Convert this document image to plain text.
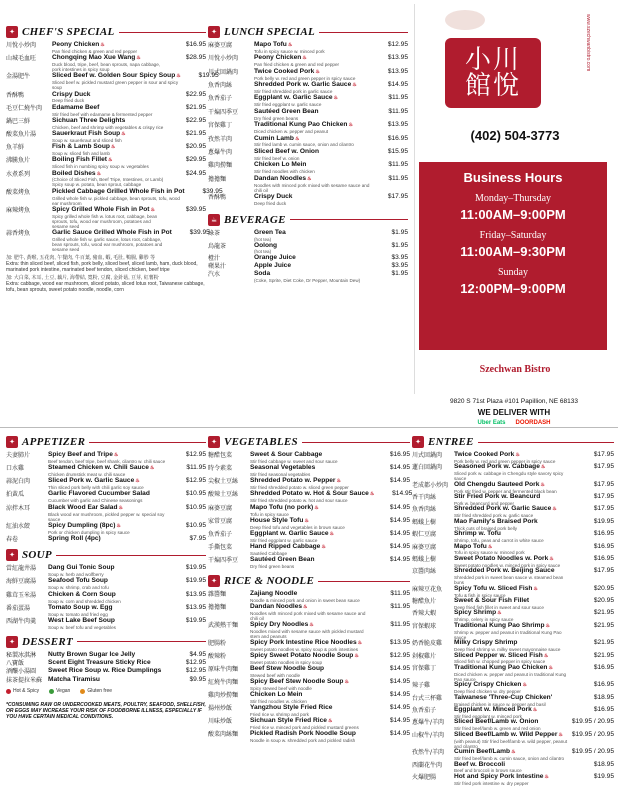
✦ CHEF'S SPECIAL
川悅小炒肉	Peony Chicken♨
Pan fried chicken & green and red pepper
$16.95
山城毛血旺	Chongqing Mao Xue Wang♨
Duck blood, tripe, beef, bean sprouts, napa cabbage, pork intestines in spicy soup
$28.95
金湯肥牛	Sliced Beef w. Golden Sour Spicy Soup♨
Sliced beef w. pickled mustard green pepper in sour and spicy soup
$19.95
香酥鴨	Crispy Duck
Deep fried duck
$22.95
毛豆仁燒牛肉	Edamame Beef
Stir fried beef with edamame & fermented pepper
$21.95
鍋巴三鮮	Sichuan Three Delights
Chicken, beef and shrimp with vegetables & crispy rice
$22.95
酸菜魚片湯	Sauerkraut Fish Soup♨
Soup w. sauerkraut and sliced fish
$21.95
魚羊鮮	Fish & Lamb Soup♨
Soup w. sliced fish and lamb
$20.95
沸騰魚片	Boiling Fish Fillet♨
Sliced fish in numbing spicy soup w. vegetables
$29.95
水煮系列	Boiled Dishes♨
(Choice of Sliced Fish, Beef Tripe, Intestines, or Lamb) Spicy soup w. potato, bean sprout, cabbage
$24.95
酸菜烤魚	Pickled Cabbage Grilled Whole Fish in Pot
Grilled whole fish w. pickled cabbage, bean sprouts, tofu, wood ear mushroom
$39.95
麻辣烤魚	Spicy Grilled Whole Fish in Pot♨
Spicy grilled whole fish w. lotus root, cabbage, bean sprouts, tofu, wood ear mushroom, potatoes and sesame seed
$39.95
蒜香烤魚	Garlic Sauce Grilled Whole Fish in Pot
Grilled whole fish w. garlic sauce, lotus root, cabbage, bean sprouts, tofu, wood ear mushroom, potatoes and sesame seed
$39.95
加: 肥牛, 黃喉, 五花肉, 午餐肉, 牛百葉, 豬血, 蝦, 毛肚, 鴨腸, 雞胗 等
Extra: thin sliced beef, sliced fish, pork belly, sliced beef, sliced lamb, ham, duck blood, marinated pork intestine, marinated beef tendon, sliced chicken, beef tripe
加: 大白菜, 木耳, 土豆, 藕片, 海帶結, 寬粉, 豆腐, 金針菇, 豆芽, 紅薯粉
Extra: cabbage, wood ear mushroom, sliced potato, sliced lotus root, Taiwanese cabbage, tofu, bean sprouts, sweet potato noodle, noodle, corn
✦ LUNCH SPECIAL
麻婆豆腐	Mapo Tofu♨
Tofu in spicy sauce w. minced pork
$12.95
川悅小炒肉	Peony Chicken♨
Pan fried chicken & green and red pepper
$13.95
川式回鍋肉	Twice Cooked Pork♨
Pork belly w. red and green pepper in spicy sauce
$13.95
魚香肉絲	Shredded Pork w. Garlic Sauce♨
Stir fried shredded pork in garlic sauce
$14.95
魚香茄子	Eggplant w. Garlic Sauce♨
Stir fried eggplant w. garlic sauce
$11.95
干煸四季豆	Sautéed Green Bean
Dry fried green beans
$11.95
宮保雞丁	Traditional Kung Pao Chicken♨
Diced chicken w. pepper and peanut
$13.95
孜然羊肉	Cumin Lamb♨
Stir fried lamb w. cumin sauce, onion and cilantro
$16.95
蔥爆牛肉	Sliced Beef w. Onion
Stir fried beef w. onion
$15.95
雞肉撈麵	Chicken Lo Mein
Stir fried noodles with chicken
$11.95
擔擔麵	Dandan Noodles♨
Noodles with minced pork mixed with sesame sauce and chili oil
$11.95
香酥鴨	Crispy Duck
Deep fried duck
$17.95
☕ BEVERAGE
綠茶	Green Tea
(hot tea)
$1.95
烏龍茶	Oolong
(hot tea)
$1.95
橙汁	Orange Juice	$3.95
蘋果汁	Apple Juice	$3.95
汽水	Soda
(Coke, Sprite, Diet Coke, Dr Pepper, Mountain Dew)
$1.95
小川館悅
(402) 504-3773
www.szechwanbistro.com
Business Hours
Monday–Thursday
11:00AM–9:00PM
Friday–Saturday
11:00AM–9:30PM
Sunday
12:00PM–9:00PM
Szechwan Bistro
9820 S 71st Plaza #101 Papillion, NE 68133
WE DELIVER WITH
Uber Eats DOORDASH
✦ APPETIZER
夫妻肺片	Spicy Beef and Tripe♨
Beef tendon, beef tripe, beef shank, cilantro w. chili sauce
$12.95
口水雞	Steamed Chicken w. Chili Sauce♨
Chicken drumstick meat w. chili sauce
$11.95
蒜泥白肉	Sliced Pork w. Garlic Sauce♨
Thin sliced pork belly with chili garlic soy sauce
$12.95
拍黃瓜	Garlic Flavored Cucumber Salad
Cucumber with garlic and Chinese seasonings
$10.95
涼拌木耳	Black Wood Ear Salad♨
Black wood ear mushroom, pickled pepper w. special soy sauce
$10.95
紅油水餃	Spicy Dumpling (8pc)♨
Pork or chicken dumpling in spicy sauce
$10.95
春卷	Spring Roll (4pc)	$7.95
✦ SOUP
當紅龍井湯	Dang Gui Tonic Soup
Soup w. herb and wolfberry
$19.95
海鮮豆腐湯	Seafood Tofu Soup
Soup w. shrimp, crab and tofu
$19.95
雞茸玉米湯	Chicken & Corn Soup
Soup w. corn and shredded chicken
$13.95
番茄蛋湯	Tomato Soup w. Egg
Soup w. tomato and fried egg
$13.95
西湖牛肉羹	West Lake Beef Soup
Soup w. beef tofu and vegetables
$19.95
✦ DESSERT
秘製冰淇淋	Nutty Brown Sugar Ice Jelly	$4.95
八寶飯	Scent Eight Treasure Sticky Rice	$12.95
酒釀小湯圓	Sweet Rice Soup w. Rice Dumplings	$12.95
抹茶提拉米蘇 Matcha Tiramisu	$9.95
Hot & Spicy	Vegan	Gluten free
*CONSUMING RAW OR UNDERCOOKED MEATS, POULTRY, SEAFOOD, SHELLFISH, OR EGGS MAY INCREASE YOUR RISK OF FOODBORNE ILLNESS, ESPECIALLY IF YOU HAVE CERTAIN MEDICAL CONDITIONS.
✦ VEGETABLES
糖醋包菜	Sweet & Sour Cabbage
Stir fried cabbage w. sweet and sour sauce
$16.95
時令素菜	Seasonal Vegetables
Stir fried seasonal vegetables
$14.95
尖椒土豆絲	Shredded Potato w. Pepper♨
Stir fried shredded potato w. sliced green pepper
$14.95
酸辣土豆絲	Shredded Potato w. Hot & Sour Sauce♨
Stir fried shredded potato w. hot and sour sauce
$14.95
麻婆豆腐	Mapo Tofu (no pork)♨
Tofu in spicy sauce
$14.95
家常豆腐	House Style Tofu♨
Deep fried tofu and vegetables in brown sauce
$14.95
魚香茄子	Eggplant w. Garlic Sauce♨
Stir fried eggplant w. garlic sauce
$14.95
手撕包菜	Hand Ripped Cabbage♨
Sautéed Cabbage
$14.95
干煸四季豆	Sautéed Green Bean
Dry fried green beans
$14.95
✦ RICE & NOODLE
雜醬麵	Zajiang Noodle
Noodle & minced pork and onion in sweet bean sauce
$11.95
擔擔麵	Dandan Noodles♨
Noodles with minced pork mixed with sesame sauce and chili oil
$11.95
武漢熱干麵	Spicy Dry Noodles♨
Noodles mixed with sesame sauce with pickled mustard stem and peanuts
$11.95
肥腸粉	Spicy Pork Intestine Rice Noodles♨
Sweet potato noodles w. spicy soup & pork intestines
$13.95
酸辣粉	Spicy Sweet Potato Noodle Soup♨
Sweet potato noodles in spicy soup
$12.95
原味牛肉麵	Beef Stew Noodle Soup
Stewed beef with noodle
$14.95
紅燒牛肉麵	Spicy Beef Stew Noodle Soup♨
Spicy stewed beef with noodle
$14.95
雞肉炒撈麵	Chicken Lo Mein
Stir fried noodles w. chicken
$14.95
揚州炒飯	Yangzhou Style Fried Rice
Fried rice w. shrimp and pork
$14.95
川味炒飯	Sichuan Style Fried Rice♨
Fried rice w. minced pork and pickled mustard greens
$14.95
酸菜肉絲麵	Pickled Radish Pork Noodle Soup
Noodle in soup w. shredded pork and pickled radish
$14.95
✦ ENTREE
川式回鍋肉	Twice Cooked Pork♨
Pork belly w. red and green pepper in spicy sauce
$17.95
蓮白回鍋肉	Seasoned Pork w. Cabbage♨
Sliced pork w. cabbage in Chengdu style savory spicy sauce
$17.95
老成都小炒肉 Old Chengdu Sauteed Pork♨
Pork stir fried w. pepper and fermented black bean
$17.95
香干肉絲	Stir Fried Pork w. Beancurd
Pork w. beancurd and pepper
$17.95
魚香肉絲	Shredded Pork w. Garlic Sauce♨
Stir fried shredded pork w. garlic sauce
$17.95
螞蟻上樹	Mao Family's Braised Pork
Thick cuts of braised pork belly
$19.95
蝦仁豆腐	Shrimp w. Tofu
Shrimp, tofu, peas and carrot in white sauce
$16.95
麻婆豆腐	Mapo Tofu♨
Tofu in spicy sauce w. minced pork
$16.95
螞蟻上樹	Sweet Potato Noodles w. Pork♨
Sweet potato noodles w. minced pork in spicy sauce
$16.95
京醬肉絲	Shredded Pork w. Beijing Sauce
Shredded pork in sweet bean sauce w. steamed bean buns
$17.95
麻辣豆花魚	Spicy Tofu w. Sliced Fish♨
Tofu & fish in spicy sauce
$20.95
糖醋魚片	Sweet & Sour Fish Fillet
Deep fried fish fillet in sweet and sour sauce
$20.95
香辣大蝦	Spicy Shrimp♨
Shrimp, celery in spicy sauce
$21.95
宮保蝦球	Traditional Kung Pao Shrimp♨
Shrimp w. pepper and peanut in traditional Kung Pao sauce
$21.95
奶香脆皮雞	Milky Crispy Shrimp
Deep fried shrimp w. milky sweet mayonnaise sauce
$21.95
剁椒雞片	Sliced Pepper w. Sliced Fish♨
Sliced fish w. chopped pepper in spicy sauce
$21.95
宮保雞丁	Traditional Kung Pao Chicken♨
Diced chicken w. pepper and peanut in traditional Kung Pao sauce
$16.95
辣子雞	Spicy Crispy Chicken♨
Deep fried chicken w. dry pepper
$16.95
台式三杯雞	Taiwanese 'Three-Cup Chicken'
Braised chicken in sauce w. pepper and basil
$18.95
魚香茄子	Eggplant w. Minced Pork♨
Stir fried eggplant w. minced pork
$16.95
蔥爆牛/羊肉	Sliced Beef/Lamb w. Onion
Stir fried beef/lamb w. green and red onion
$19.95 / 20.95
山椒牛/羊肉	Sliced Beef/Lamb w. Wild Pepper♨
(with peanut) Stir fried beef/lamb w. wild pepper, peanut and cilantro
$19.95 / 20.95
孜然牛/羊肉	Cumin Beef/Lamb♨
Stir fried beef/lamb w. cumin sauce, onion and cilantro
$19.95 / 20.95
西蘭花牛肉	Beef w. Broccoli
Beef and broccoli in brown sauce
$18.95
火爆肥腸	Hot and Spicy Pork Intestine♨
Stir fried pork intestine w. dry pepper
$19.95
